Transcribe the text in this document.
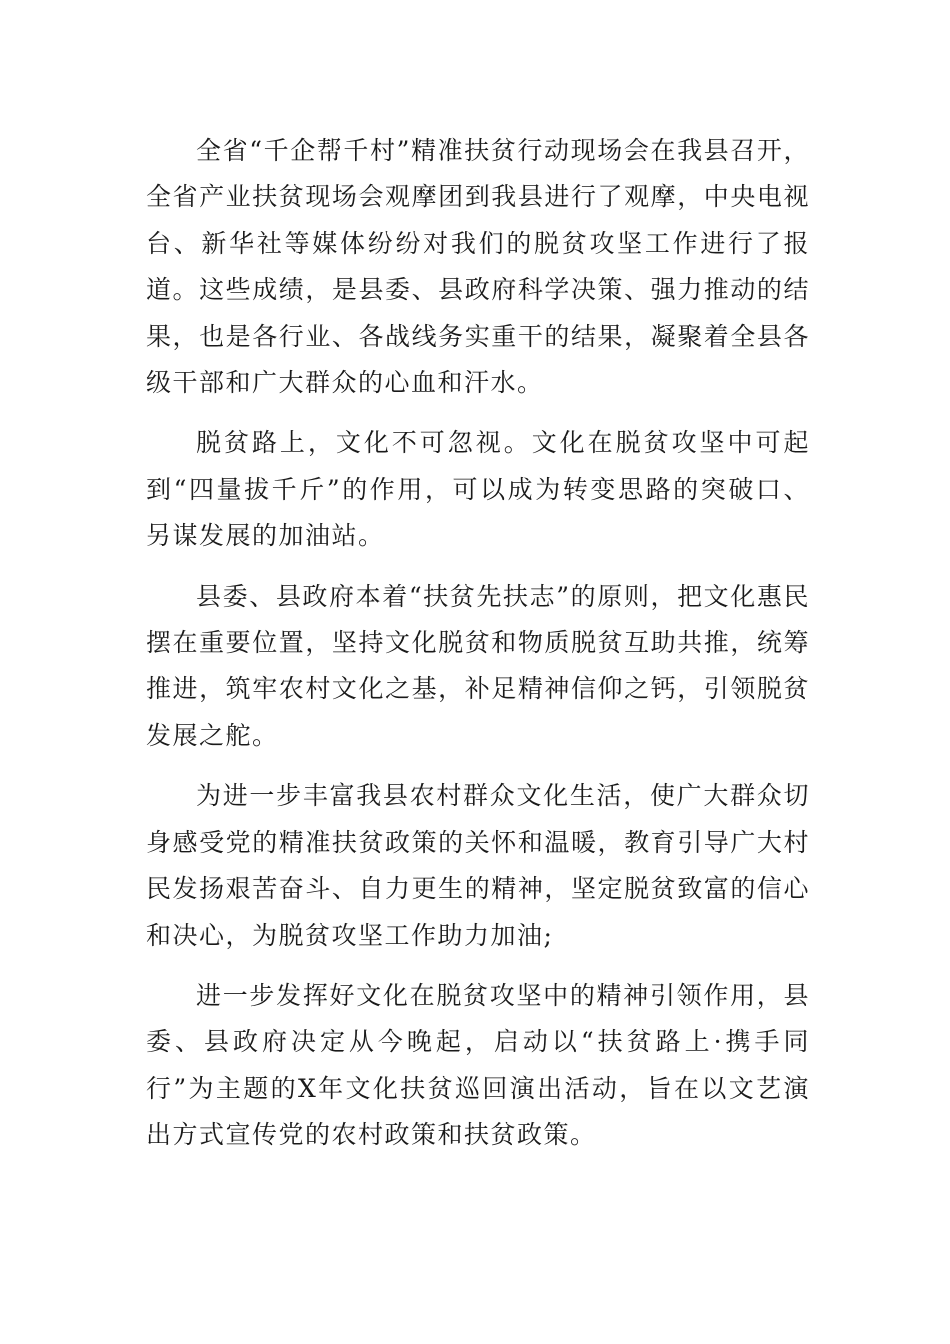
全省“千企帮千村”精准扶贫行动现场会在我县召开，全省产业扶贫现场会观摩团到我县进行了观摩，中央电视台、新华社等媒体纷纷对我们的脱贫攻坚工作进行了报道。这些成绩，是县委、县政府科学决策、强力推动的结果，也是各行业、各战线务实重干的结果，凝聚着全县各级干部和广大群众的心血和汗水。

脱贫路上，文化不可忽视。文化在脱贫攻坚中可起到“四量拔千斤”的作用，可以成为转变思路的突破口、另谋发展的加油站。

县委、县政府本着“扶贫先扶志”的原则，把文化惠民摆在重要位置，坚持文化脱贫和物质脱贫互助共推，统筹推进，筑牢农村文化之基，补足精神信仰之钙，引领脱贫发展之舵。

为进一步丰富我县农村群众文化生活，使广大群众切身感受党的精准扶贫政策的关怀和温暖，教育引导广大村民发扬艰苦奋斗、自力更生的精神，坚定脱贫致富的信心和决心，为脱贫攻坚工作助力加油;

进一步发挥好文化在脱贫攻坚中的精神引领作用，县委、县政府决定从今晚起，启动以“扶贫路上·携手同行”为主题的X年文化扶贫巡回演出活动，旨在以文艺演出方式宣传党的农村政策和扶贫政策。
